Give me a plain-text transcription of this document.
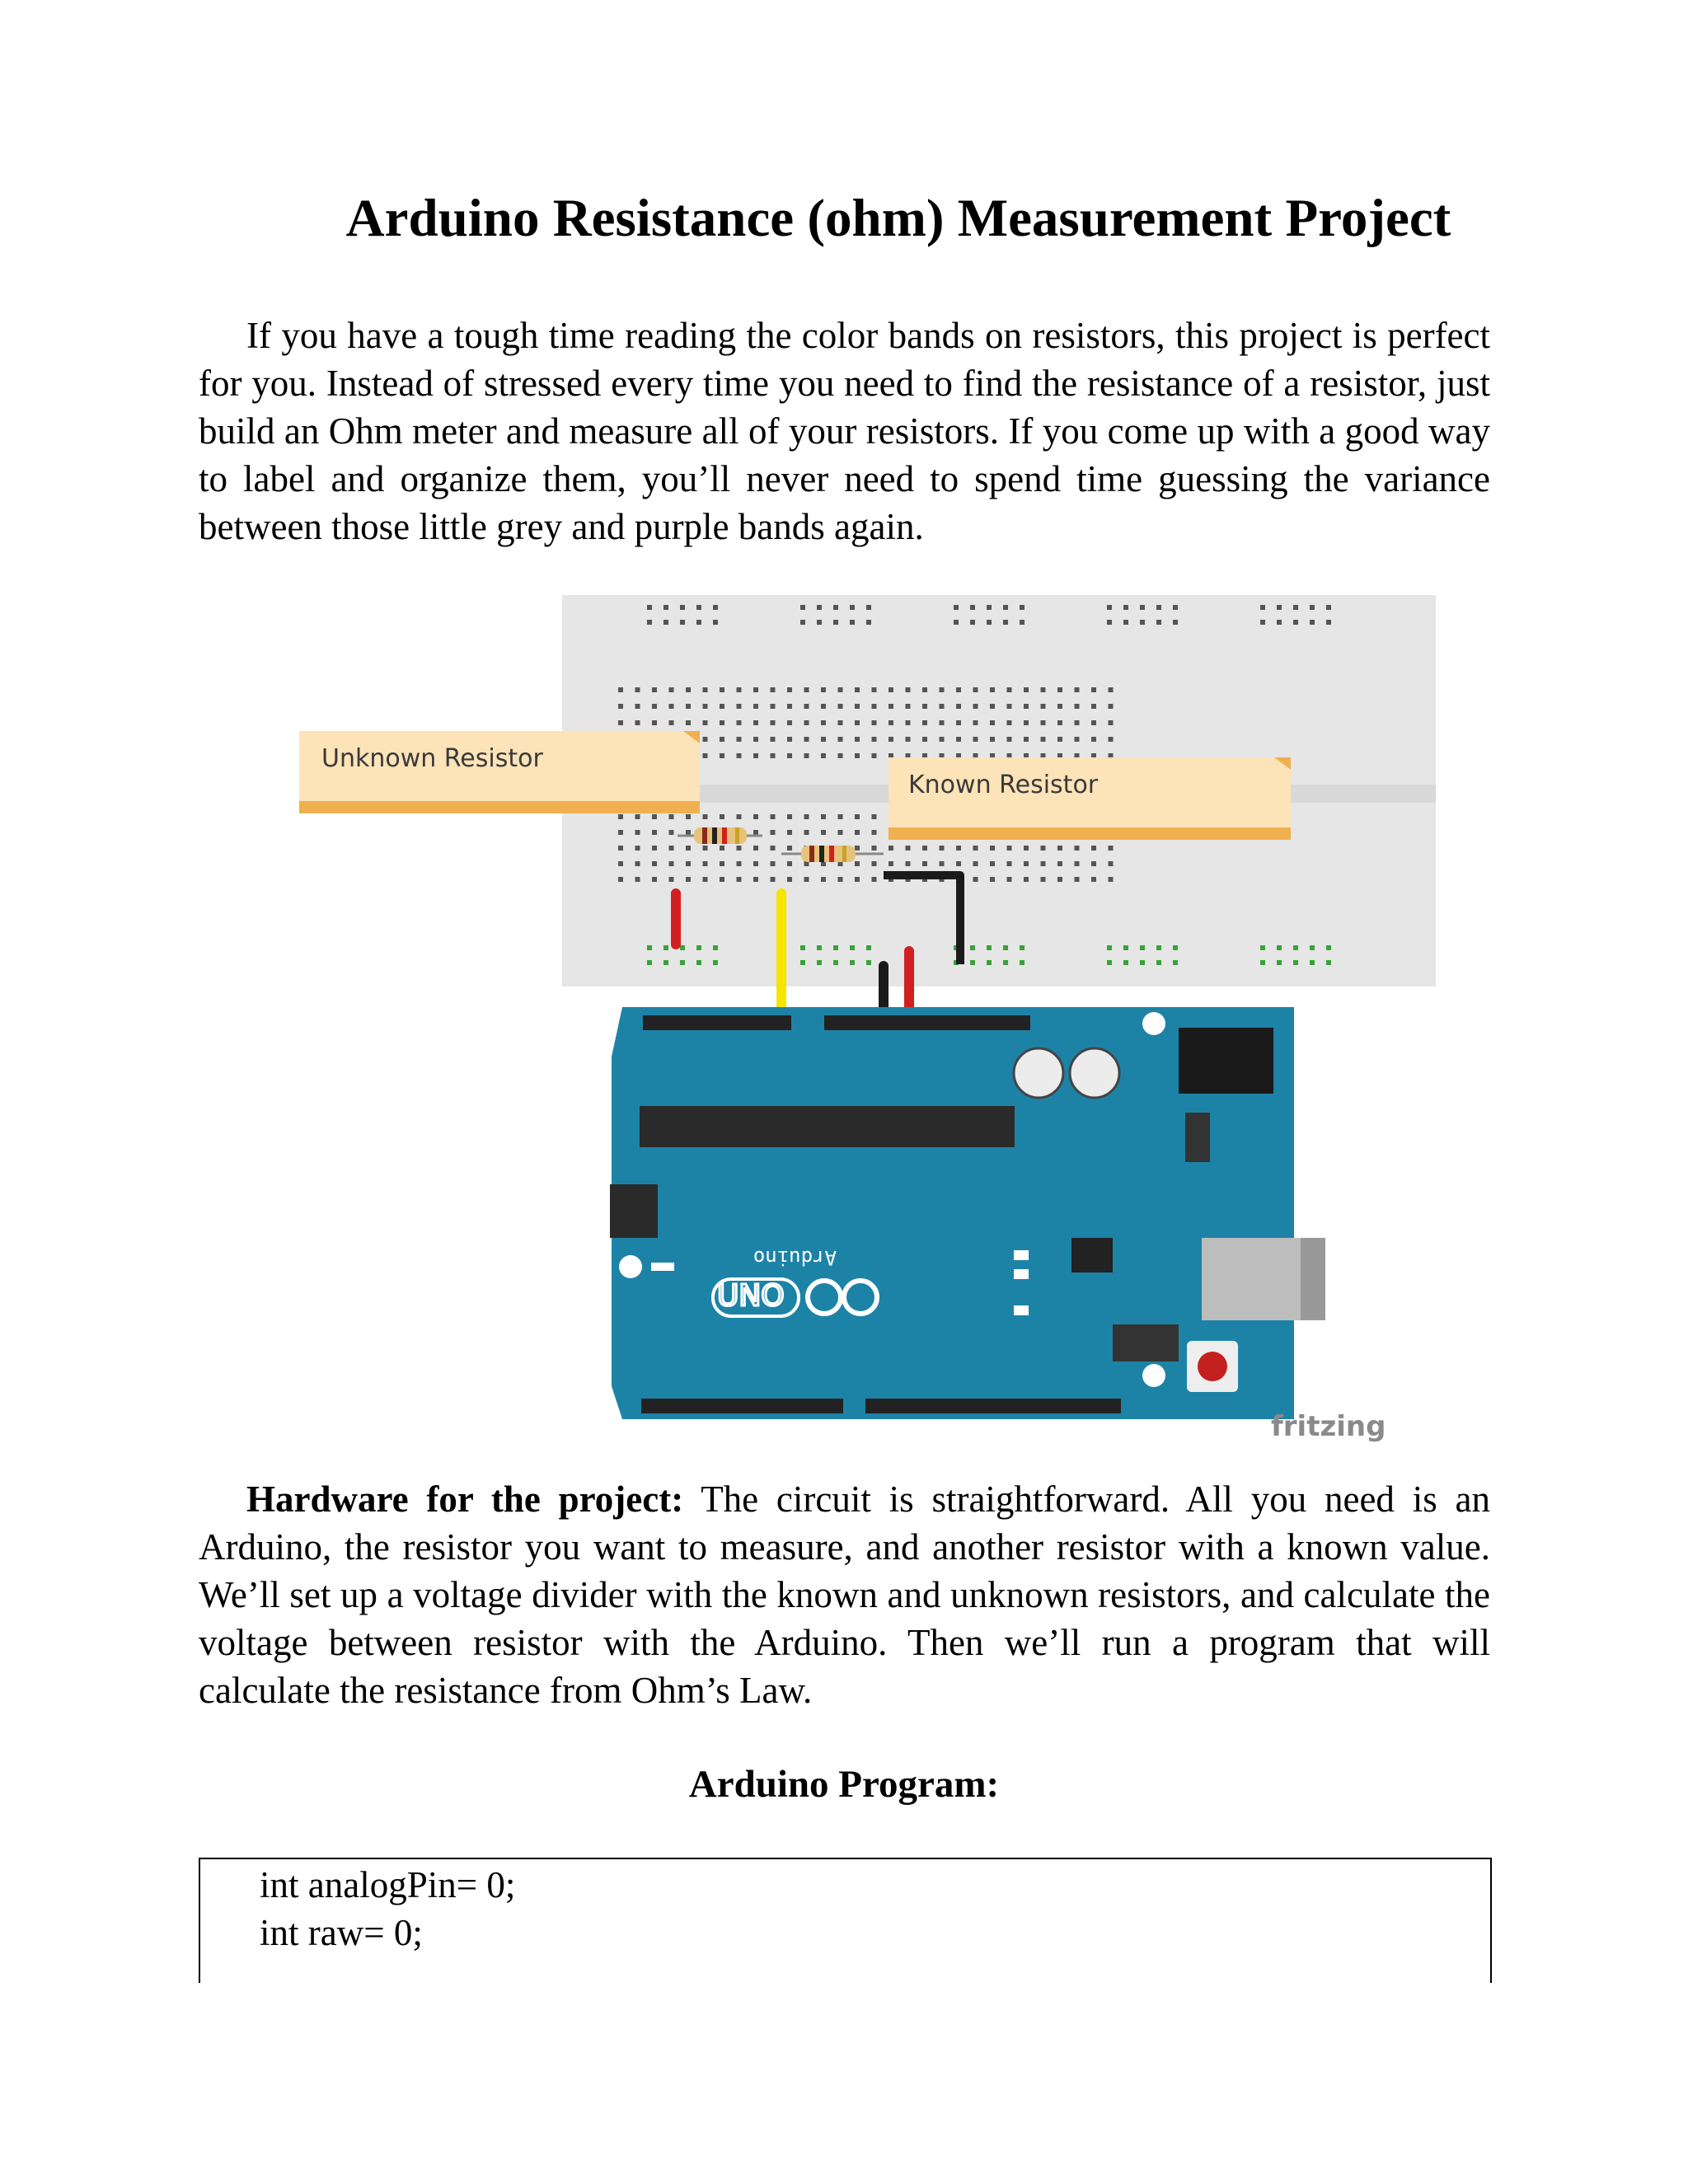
Arduino Resistance (ohm) Measurement Project

If you have a tough time reading the color bands on resistors, this project is perfect for you. Instead of stressed every time you need to find the resistance of a resistor, just build an Ohm meter and measure all of your resistors. If you come up with a good way to label and organize them, you’ll never need to spend time guessing the variance between those little grey and purple bands again.

Unknown Resistor
Known Resistor
UNO
Arduino
fritzing

Hardware for the project: The circuit is straightforward. All you need is an Arduino, the resistor you want to measure, and another resistor with a known value. We’ll set up a voltage divider with the known and unknown resistors, and calculate the voltage between resistor with the Arduino. Then we’ll run a program that will calculate the resistance from Ohm’s Law.

Arduino Program:

int analogPin= 0;
int raw= 0;
